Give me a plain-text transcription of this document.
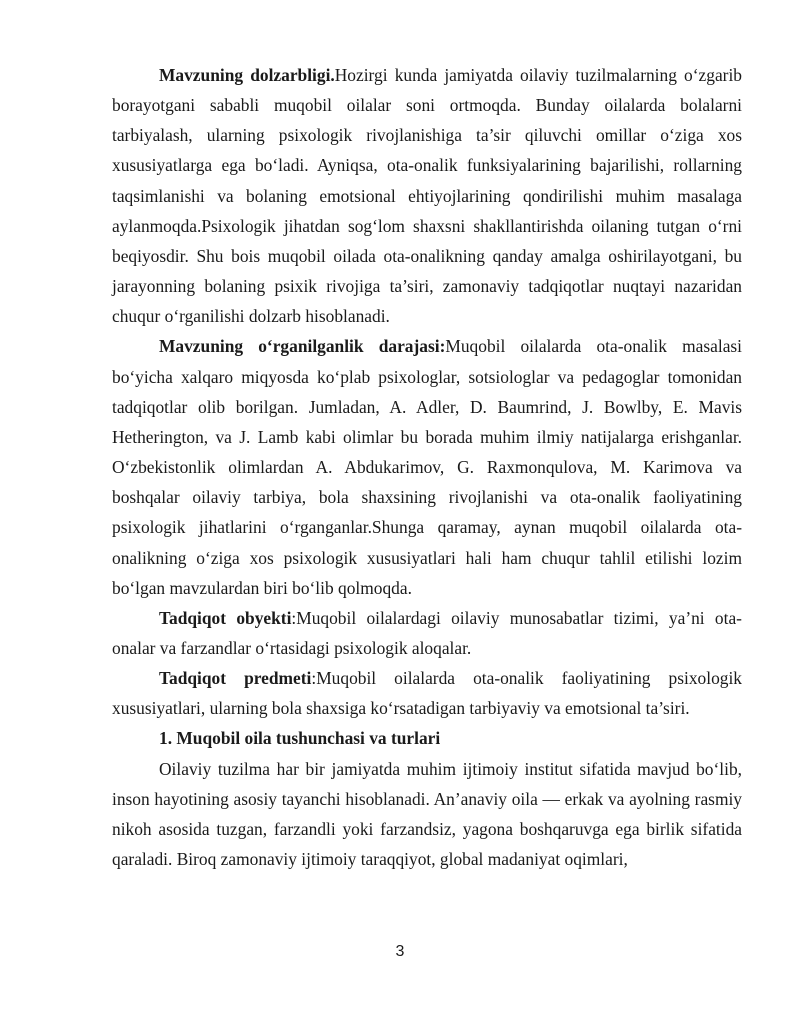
Mavzuning dolzarbligi.Hozirgi kunda jamiyatda oilaviy tuzilmalarning o‘zgarib borayotgani sababli muqobil oilalar soni ortmoqda. Bunday oilalarda bolalarni tarbiyalash, ularning psixologik rivojlanishiga ta’sir qiluvchi omillar o‘ziga xos xususiyatlarga ega bo‘ladi. Ayniqsa, ota-onalik funksiyalarining bajarilishi, rollarning taqsimlanishi va bolaning emotsional ehtiyojlarining qondirilishi muhim masalaga aylanmoqda.Psixologik jihatdan sog‘lom shaxsni shakllantirishda oilaning tutgan o‘rni beqiyosdir. Shu bois muqobil oilada ota-onalikning qanday amalga oshirilayotgani, bu jarayonning bolaning psixik rivojiga ta’siri, zamonaviy tadqiqotlar nuqtayi nazaridan chuqur o‘rganilishi dolzarb hisoblanadi.

Mavzuning o‘rganilganlik darajasi:Muqobil oilalarda ota-onalik masalasi bo‘yicha xalqaro miqyosda ko‘plab psixologlar, sotsiologlar va pedagoglar tomonidan tadqiqotlar olib borilgan. Jumladan, A. Adler, D. Baumrind, J. Bowlby, E. Mavis Hetherington, va J. Lamb kabi olimlar bu borada muhim ilmiy natijalarga erishganlar. O‘zbekistonlik olimlardan A. Abdukarimov, G. Raxmonqulova, M. Karimova va boshqalar oilaviy tarbiya, bola shaxsining rivojlanishi va ota-onalik faoliyatining psixologik jihatlarini o‘rganganlar.Shunga qaramay, aynan muqobil oilalarda ota-onalikning o‘ziga xos psixologik xususiyatlari hali ham chuqur tahlil etilishi lozim bo‘lgan mavzulardan biri bo‘lib qolmoqda.

Tadqiqot obyekti:Muqobil oilalardagi oilaviy munosabatlar tizimi, ya’ni ota-onalar va farzandlar o‘rtasidagi psixologik aloqalar.

Tadqiqot predmeti:Muqobil oilalarda ota-onalik faoliyatining psixologik xususiyatlari, ularning bola shaxsiga ko‘rsatadigan tarbiyaviy va emotsional ta’siri.

1. Muqobil oila tushunchasi va turlari

Oilaviy tuzilma har bir jamiyatda muhim ijtimoiy institut sifatida mavjud bo‘lib, inson hayotining asosiy tayanchi hisoblanadi. An’anaviy oila — erkak va ayolning rasmiy nikoh asosida tuzgan, farzandli yoki farzandsiz, yagona boshqaruvga ega birlik sifatida qaraladi. Biroq zamonaviy ijtimoiy taraqqiyot, global madaniyat oqimlari,

3
